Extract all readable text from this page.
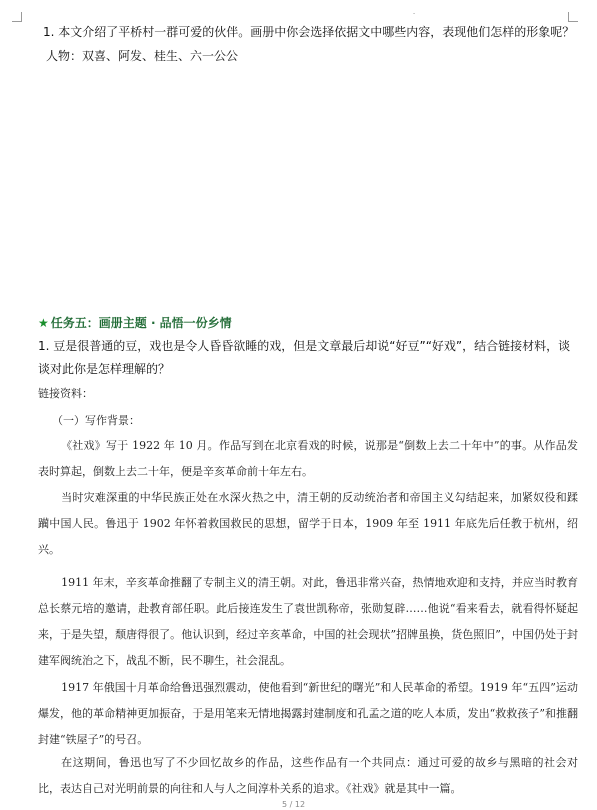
-
1. 本文介绍了平桥村一群可爱的伙伴。画册中你会选择依据文中哪些内容，表现他们怎样的形象呢？
人物：双喜、阿发、桂生、六一公公
★ 任务五：画册主题 · 品悟一份乡情
1. 豆是很普通的豆，戏也是令人昏昏欲睡的戏，但是文章最后却说“好豆”“好戏”，结合链接材料，谈谈对此你是怎样理解的？
链接资料：
（一）写作背景：
《社戏》写于 1922 年 10 月。作品写到在北京看戏的时候，说那是“倒数上去二十年中”的事。从作品发表时算起，倒数上去二十年，便是辛亥革命前十年左右。
当时灾难深重的中华民族正处在水深火热之中，清王朝的反动统治者和帝国主义勾结起来，加紧奴役和蹂躏中国人民。鲁迅于 1902 年怀着救国救民的思想，留学于日本，1909 年至 1911 年底先后任教于杭州，绍兴。
1911 年末，辛亥革命推翻了专制主义的清王朝。对此，鲁迅非常兴奋，热情地欢迎和支持，并应当时教育总长蔡元培的邀请，赴教育部任职。此后接连发生了袁世凯称帝，张勋复辟……他说“看来看去，就看得怀疑起来，于是失望，颓唐得很了。他认识到，经过辛亥革命，中国的社会现状”招牌虽换，货色照旧”，中国仍处于封建军阀统治之下，战乱不断，民不聊生，社会混乱。
1917 年俄国十月革命给鲁迅强烈震动，使他看到“新世纪的曙光”和人民革命的希望。1919 年“五四”运动爆发，他的革命精神更加振奋，于是用笔来无情地揭露封建制度和孔孟之道的吃人本质，发出“救救孩子”和推翻封建“铁屋子”的号召。
在这期间，鲁迅也写了不少回忆故乡的作品，这些作品有一个共同点：通过可爱的故乡与黑暗的社会对比，表达自己对光明前景的向往和人与人之间淳朴关系的追求。《社戏》就是其中一篇。
5 / 12
